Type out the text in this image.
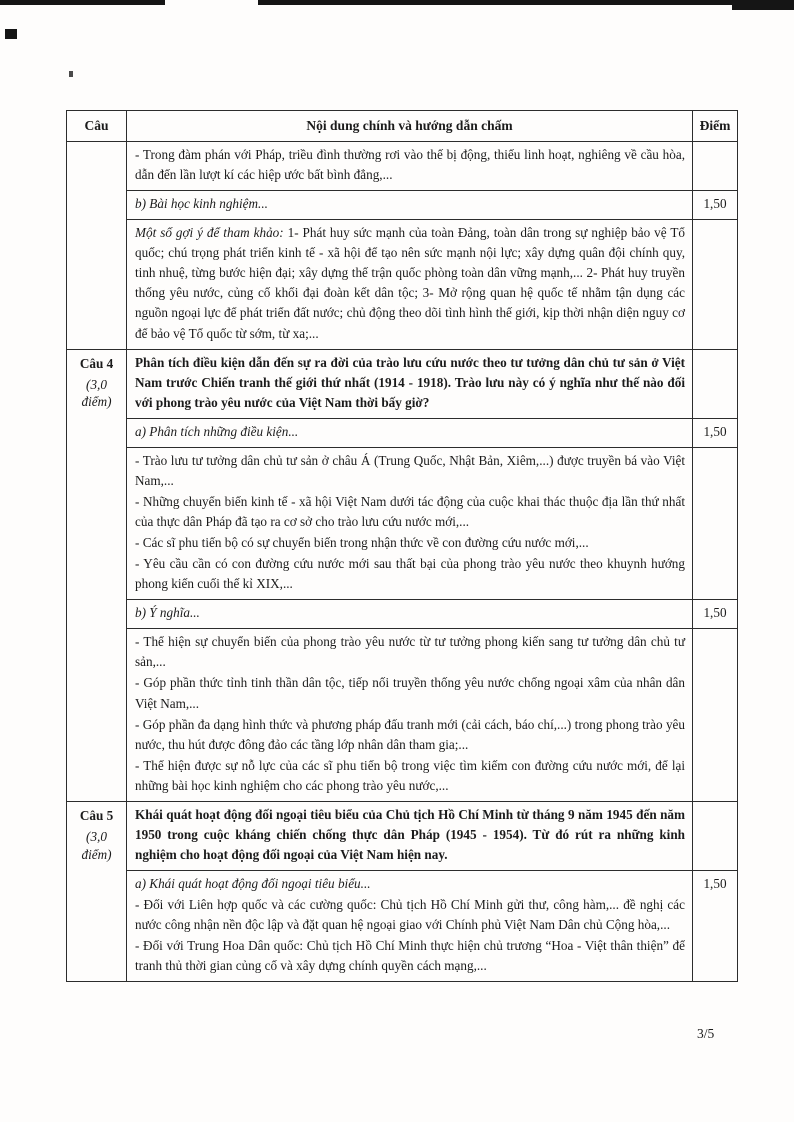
Câu	Nội dung chính và hướng dẫn chấm	Điểm

	- Trong đàm phán với Pháp, triều đình thường rơi vào thế bị động, thiếu linh hoạt, nghiêng về cầu hòa, dẫn đến lần lượt kí các hiệp ước bất bình đẳng,...	

	b) Bài học kinh nghiệm...	1,50

	Một số gợi ý để tham khảo: 1- Phát huy sức mạnh của toàn Đảng, toàn dân trong sự nghiệp bảo vệ Tổ quốc; chú trọng phát triển kinh tế - xã hội để tạo nên sức mạnh nội lực; xây dựng quân đội chính quy, tinh nhuệ, từng bước hiện đại; xây dựng thế trận quốc phòng toàn dân vững mạnh,... 2- Phát huy truyền thống yêu nước, củng cố khối đại đoàn kết dân tộc; 3- Mở rộng quan hệ quốc tế nhằm tận dụng các nguồn ngoại lực để phát triển đất nước; chủ động theo dõi tình hình thế giới, kịp thời nhận diện nguy cơ để bảo vệ Tổ quốc từ sớm, từ xa;...	

Câu 4
(3,0 điểm)	Phân tích điều kiện dẫn đến sự ra đời của trào lưu cứu nước theo tư tưởng dân chủ tư sản ở Việt Nam trước Chiến tranh thế giới thứ nhất (1914 - 1918). Trào lưu này có ý nghĩa như thế nào đối với phong trào yêu nước của Việt Nam thời bấy giờ?	
	a) Phân tích những điều kiện...	1,50

	- Trào lưu tư tưởng dân chủ tư sản ở châu Á (Trung Quốc, Nhật Bản, Xiêm,...) được truyền bá vào Việt Nam,...

- Những chuyển biến kinh tế - xã hội Việt Nam dưới tác động của cuộc khai thác thuộc địa lần thứ nhất của thực dân Pháp đã tạo ra cơ sở cho trào lưu cứu nước mới,...

- Các sĩ phu tiến bộ có sự chuyển biến trong nhận thức về con đường cứu nước mới,...

- Yêu cầu cần có con đường cứu nước mới sau thất bại của phong trào yêu nước theo khuynh hướng phong kiến cuối thế kỉ XIX,...	

	b) Ý nghĩa...	1,50

	- Thể hiện sự chuyển biến của phong trào yêu nước từ tư tưởng phong kiến sang tư tưởng dân chủ tư sản,...

- Góp phần thức tỉnh tinh thần dân tộc, tiếp nối truyền thống yêu nước chống ngoại xâm của nhân dân Việt Nam,...

- Góp phần đa dạng hình thức và phương pháp đấu tranh mới (cải cách, báo chí,...) trong phong trào yêu nước, thu hút được đông đảo các tầng lớp nhân dân tham gia;...

- Thể hiện được sự nỗ lực của các sĩ phu tiến bộ trong việc tìm kiếm con đường cứu nước mới, để lại những bài học kinh nghiệm cho các phong trào yêu nước,...	

Câu 5
(3,0 điểm)	Khái quát hoạt động đối ngoại tiêu biểu của Chủ tịch Hồ Chí Minh từ tháng 9 năm 1945 đến năm 1950 trong cuộc kháng chiến chống thực dân Pháp (1945 - 1954). Từ đó rút ra những kinh nghiệm cho hoạt động đối ngoại của Việt Nam hiện nay.	

	a) Khái quát hoạt động đối ngoại tiêu biểu...

- Đối với Liên hợp quốc và các cường quốc: Chủ tịch Hồ Chí Minh gửi thư, công hàm,... đề nghị các nước công nhận nền độc lập và đặt quan hệ ngoại giao với Chính phủ Việt Nam Dân chủ Cộng hòa,...

- Đối với Trung Hoa Dân quốc: Chủ tịch Hồ Chí Minh thực hiện chủ trương “Hoa - Việt thân thiện” để tranh thủ thời gian củng cố và xây dựng chính quyền cách mạng,...	1,50
3/5
